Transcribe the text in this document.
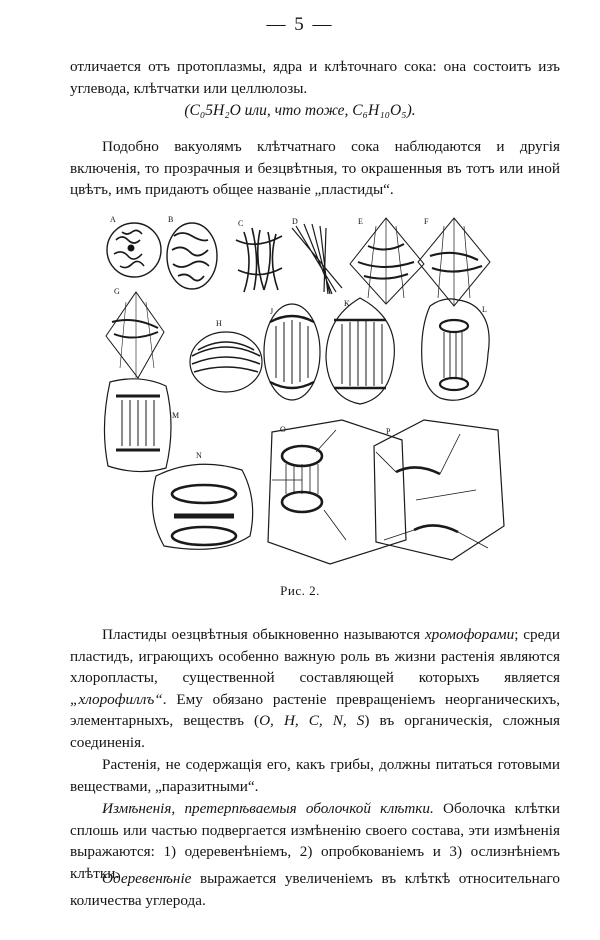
— 5 —

отличается отъ протоплазмы, ядра и клѣточнаго сока: она состоитъ изъ углевода, клѣтчатки или целлюлозы.

(C₀5H₂O или, что тоже, C₆H₁₀O₅).

Подобно вакуолямъ клѣтчатнаго сока наблюдаются и другія включенія, то прозрачныя и безцвѣтныя, то окрашенныя въ тотъ или иной цвѣтъ, имъ придаютъ общее названіе „пластиды“.

A	B	C	D	E	F
G
H
J
K
L
M
N
O	P
Рис. 2.

Пластиды оезцвѣтныя обыкновенно называются хромофорами; среди пластидъ, играющихъ особенно важную роль въ жизни растенія являются хлоропласты, существенной составляющей которыхъ является „хлорофиллъ“. Ему обязано растеніе превращеніемъ неорганическихъ, элементарныхъ, веществъ (O, H, C, N, S) въ органическія, сложныя соединенія.

Растенія, не содержащія его, какъ грибы, должны питаться готовыми веществами, „паразитными“.

Измѣненія, претерпѣваемыя оболочкой клѣтки. Оболочка клѣтки сплошь или частью подвергается измѣненію своего состава, эти измѣненія выражаются: 1) одеревенѣніемъ, 2) опробкованіемъ и 3) ослизнѣніемъ клѣтки.

Одеревенѣніе выражается увеличеніемъ въ клѣткѣ относительнаго количества углерода.
